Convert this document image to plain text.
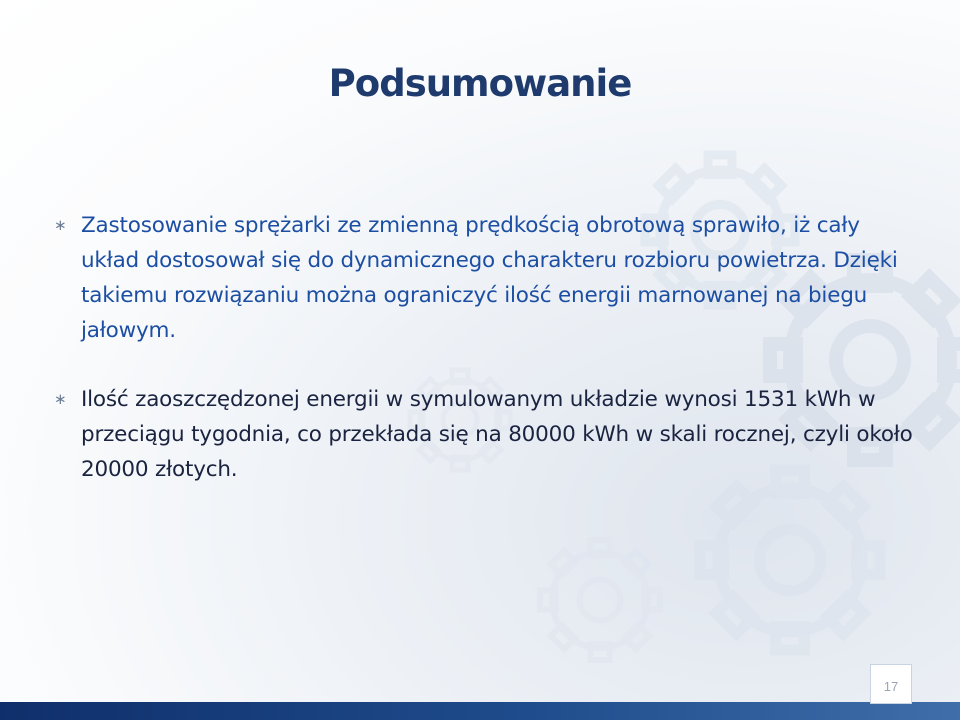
Podsumowanie
∗ Zastosowanie sprężarki ze zmienną prędkością obrotową sprawiło, iż cały układ dostosował się do dynamicznego charakteru rozbioru powietrza. Dzięki takiemu rozwiązaniu można ograniczyć ilość energii marnowanej na biegu jałowym.
∗ Ilość zaoszczędzonej energii w symulowanym układzie wynosi 1531 kWh w przeciągu tygodnia, co przekłada się na 80000 kWh w skali rocznej, czyli około 20000 złotych.
17
